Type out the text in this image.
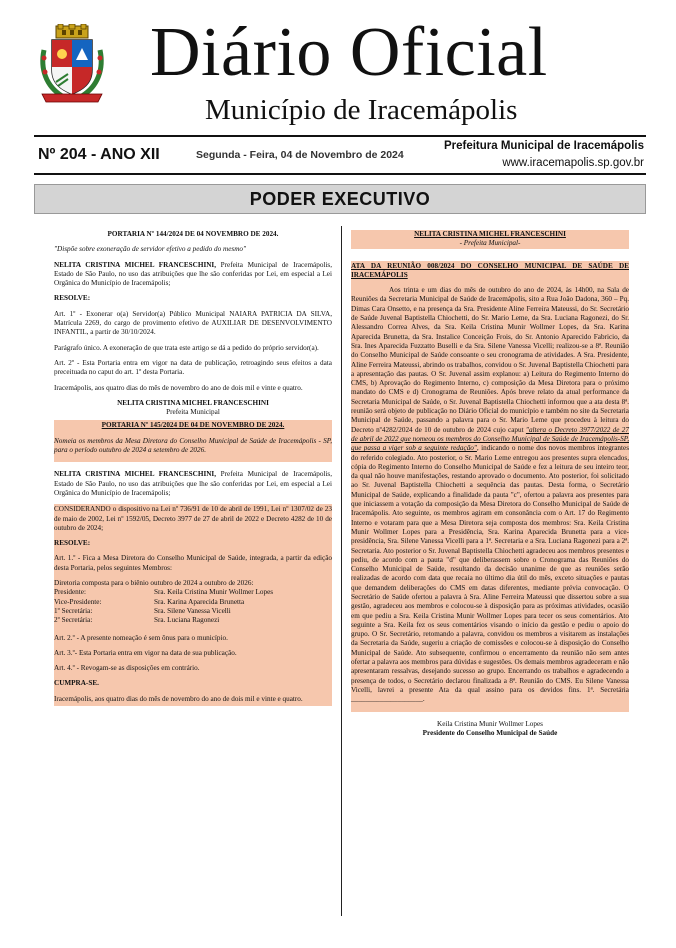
Diário Oficial
Município de Iracemápolis
Nº 204 - ANO XII	Segunda - Feira, 04 de Novembro de 2024
Prefeitura Municipal de Iracemápolis
www.iracemapolis.sp.gov.br
PODER EXECUTIVO

PORTARIA Nº 144/2024 DE 04 NOVEMBRO DE 2024.

"Dispõe sobre exoneração de servidor efetivo a pedido do mesmo"

NELITA CRISTINA MICHEL FRANCESCHINI, Prefeita Municipal de Iracemápolis, Estado de São Paulo, no uso das atribuições que lhe são conferidas por Lei, em especial a Lei Orgânica do Município de Iracemápolis;

RESOLVE:

Art. 1º - Exonerar o(a) Servidor(a) Público Municipal NAIARA PATRICIA DA SILVA, Matrícula 2269, do cargo de provimento efetivo de AUXILIAR DE DESENVOLVIMENTO INFANTIL, a partir de 30/10/2024.

Parágrafo único. A exoneração de que trata este artigo se dá a pedido do próprio servidor(a).

Art. 2º - Esta Portaria entra em vigor na data de publicação, retroagindo seus efeitos a data preceituada no caput do art. 1º desta Portaria.

Iracemápolis, aos quatro dias do mês de novembro do ano de dois mil e vinte e quatro.

NELITA CRISTINA MICHEL FRANCESCHINI
Prefeita Municipal

PORTARIA Nº 145/2024 DE 04 DE NOVEMBRO DE 2024.

Nomeia os membros da Mesa Diretora do Conselho Municipal de Saúde de Iracemápolis - SP, para o período outubro de 2024 a setembro de 2026.

NELITA CRISTINA MICHEL FRANCESCHINI, Prefeita Municipal de Iracemápolis, Estado de São Paulo, no uso das atribuições que lhe são conferidas por Lei, em especial a Lei Orgânica do Município de Iracemápolis;

CONSIDERANDO o dispositivo na Lei nº 736/91 de 10 de abril de 1991, Lei nº 1307/02 de 23 de maio de 2002, Lei nº 1592/05, Decreto 3977 de 27 de abril de 2022 e Decreto 4282 de 10 de outubro de 2024;

RESOLVE:

Art. 1.º - Fica a Mesa Diretora do Conselho Municipal de Saúde, integrada, a partir da edição desta Portaria, pelos seguintes Membros:

Diretoria composta para o biênio outubro de 2024 a outubro de 2026:
Presidente:	Sra. Keila Cristina Munir Wollmer Lopes
Vice-Presidente:	Sra. Karina Aparecida Brunetta
1º Secretária:	Sra. Silene Vanessa Vicelli
2º Secretária:	Sra. Luciana Ragonezi

Art. 2.º - A presente nomeação é sem ônus para o município.

Art. 3.º- Esta Portaria entra em vigor na data de sua publicação.

Art. 4.º - Revogam-se as disposições em contrário.

CUMPRA-SE.

Iracemápolis, aos quatro dias do mês de novembro do ano de dois mil e vinte e quatro.

NELITA CRISTINA MICHEL FRANCESCHINI
- Prefeita Municipal-

ATA DA REUNIÃO 008/2024 DO CONSELHO MUNICIPAL DE SAÚDE DE IRACEMÁPOLIS

Aos trinta e um dias do mês de outubro do ano de 2024, às 14h00, na Sala de Reuniões da Secretaria Municipal de Saúde de Iracemápolis, sito a Rua João Dadona, 360 – Pq. Dimas Cara Onsetto, e na presença da Sra. Presidente Aline Ferreira Mateussi, do Sr. Secretário de Saúde Juvenal Baptistella Chiochetti, do Sr. Mario Leme, da Sra. Luciana Ragonezi, do Sr. Alessandro Correa Alves, da Sra. Keila Cristina Munir Wollmer Lopes, da Sra. Karina Aparecida Brunetta, da Sra. Instalice Conceição Frois, do Sr. Antonio Aparecido Fabricio, da Sra. Ines Aparecida Fuzzatto Buselli e da Sra. Silene Vanessa Vicelli; realizou-se a 8ª. Reunião do Conselho Municipal de Saúde consoante o seu cronograma de atividades. A Sra. Presidente, Aline Ferreira Mateussi, abrindo os trabalhos, convidou o Sr. Juvenal Baptistella Chiochetti para a apresentação das pautas. O Sr. Juvenal assim explanou: a) Leitura do Regimento Interno do CMS, b) Aprovação do Regimento Interno, c) composição da Mesa Diretora para o próximo mandato do CMS e d) Cronograma de Reuniões. Após breve relato da atual performance da Secretaria Municipal de Saúde, o Sr. Juvenal Baptistella Chiochetti informou que a ata desta 8ª. reunião será objeto de publicação no Diário Oficial do município e também no site da Secretaria Municipal de Saúde, passando a palavra para o Sr. Mario Leme que procedeu à leitura do Decreto nº4282/2024 de 10 de outubro de 2024 cujo caput "altera o Decreto 3977/2022 de 27 de abril de 2022 que nomeou os membros do Conselho Municipal de Saúde de Iracemápolis-SP, que passa a viger sob a seguinte redação", indicando o nome dos novos membros integrantes do referido colegiado. Ato posterior, o Sr. Mario Leme entregou aos presentes supra elencados, cópia do Regimento Interno do Conselho Municipal de Saúde e fez a leitura de seu inteiro teor, da qual não houve manifestações, restando aprovado o documento. Ato posterior, foi solicitado ao Sr. Juvenal Baptistella Chiochetti a sequência das pautas. Desta forma, o Secretário Municipal de Saúde, explicando a finalidade da pauta "c", ofertou a palavra aos presentes para que iniciassem a votação da composição da Mesa Diretora do Conselho Municipal de Saúde de Iracemápolis. Ato seguinte, os membros agiram em consonância com o Art. 17 do Regimento Interno e votaram para que a Mesa Diretora seja composta dos membros: Sra. Keila Cristina Munir Wollmer Lopes para a Presidência, Sra. Karina Aparecida Brunetta para a vice-presidência, Sra. Silene Vanessa Vicelli para a 1ª. Secretaria e a Sra. Luciana Ragonezi para a 2ª. Secretaria. Ato posterior o Sr. Juvenal Baptistella Chiochetti agradeceu aos membros presentes e pediu, de acordo com a pauta "d" que deliberassem sobre o Cronograma das Reuniões do Conselho Municipal de Saúde, resultando da decisão unanime de que as reuniões serão realizadas de acordo com data que recaia no último dia útil do mês, exceto situações e pautas que demandem deliberações do CMS em datas diferentes, mediante prévia convocação. O Secretário de Saúde ofertou a palavra à Sra. Aline Ferreira Mateussi que dissertou sobre a sua gestão, agradeceu aos membros e colocou-se à disposição para as próximas atividades, ocasião em que pediu a Sra. Keila Cristina Munir Wollmer Lopes para tecer os seus comentários. Ato seguinte a Sra. Keila fez os seus comentários visando o início da gestão e pediu o apoio do grupo. O Sr. Secretário, retomando a palavra, convidou os membros a visitarem as instalações da Secretaria da Saúde, sugeriu a criação de comissões e colocou-se à disposição do Conselho Municipal de Saúde. Ato subsequente, confirmou o encerramento da reunião não sem antes ofertar a palavra aos membros para dúvidas e sugestões. Os demais membros agradeceram e não apresentaram ressalvas, desejando sucesso ao grupo. Encerrando os trabalhos e agradecendo a presença de todos, o Secretário declarou finalizada a 8ª. Reunião do CMS. Eu Silene Vanessa Vicelli, lavrei a presente Ata da qual assino para os devidos fins. 1ª. Secretária ____________________.

Keila Cristina Munir Wollmer Lopes
Presidente do Conselho Municipal de Saúde
